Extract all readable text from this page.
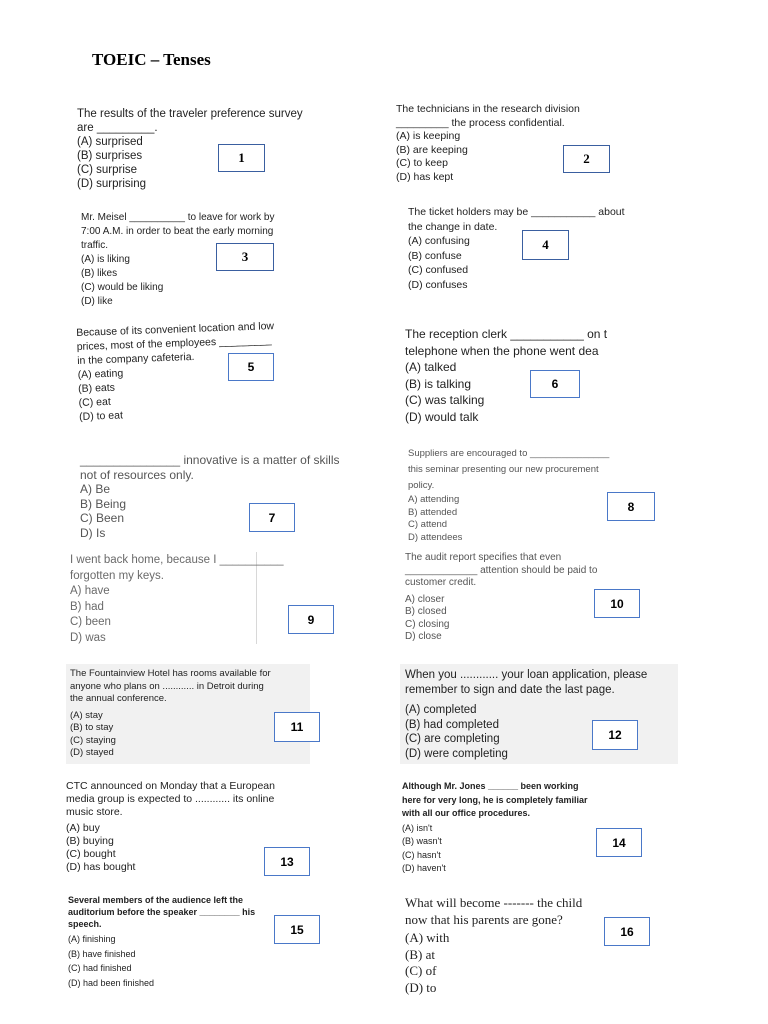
TOEIC – Tenses
The results of the traveler preference survey
are _________.
(A) surprised
(B) surprises
(C) surprise
(D) surprising
1
The technicians in the research division
_________ the process confidential.
(A) is keeping
(B) are keeping
(C) to keep
(D) has kept
2
Mr. Meisel __________ to leave for work by
7:00 A.M. in order to beat the early morning
traffic.
(A) is liking
(B) likes
(C) would be liking
(D) like
3
The ticket holders may be ___________ about
the change in date.
(A) confusing
(B) confuse
(C) confused
(D) confuses
4
Because of its convenient location and low
prices, most of the employees _________
in the company cafeteria.
(A) eating
(B) eats
(C) eat
(D) to eat
5
The reception clerk ___________ on t
telephone when the phone went dea
(A) talked
(B) is talking
(C) was talking
(D) would talk
6
_______________ innovative is a matter of skills
not of resources only.
A) Be
B) Being
C) Been
D) Is
7
Suppliers are encouraged to _______________
this seminar presenting our new procurement
policy.
A) attending
B) attended
C) attend
D) attendees
8
I went back home, because I __________
forgotten my keys.
A) have
B) had
C) been
D) was
9
The audit report specifies that even
_____________ attention should be paid to
customer credit.
A) closer
B) closed
C) closing
D) close
10
The Fountainview Hotel has rooms available for
anyone who plans on ............ in Detroit during
the annual conference.
(A) stay
(B) to stay
(C) staying
(D) stayed
11
When you ............ your loan application, please
remember to sign and date the last page.
(A) completed
(B) had completed
(C) are completing
(D) were completing
12
CTC announced on Monday that a European
media group is expected to ............ its online
music store.
(A) buy
(B) buying
(C) bought
(D) has bought	13
Although Mr. Jones ______ been working
here for very long, he is completely familiar
with all our office procedures.
(A) isn't
(B) wasn't
(C) hasn't
(D) haven't
14
Several members of the audience left the
auditorium before the speaker ________ his
speech.
(A) finishing
(B) have finished
(C) had finished
(D) had been finished
15
What will become ------- the child
now that his parents are gone?
(A) with
(B) at
(C) of
(D) to
16
